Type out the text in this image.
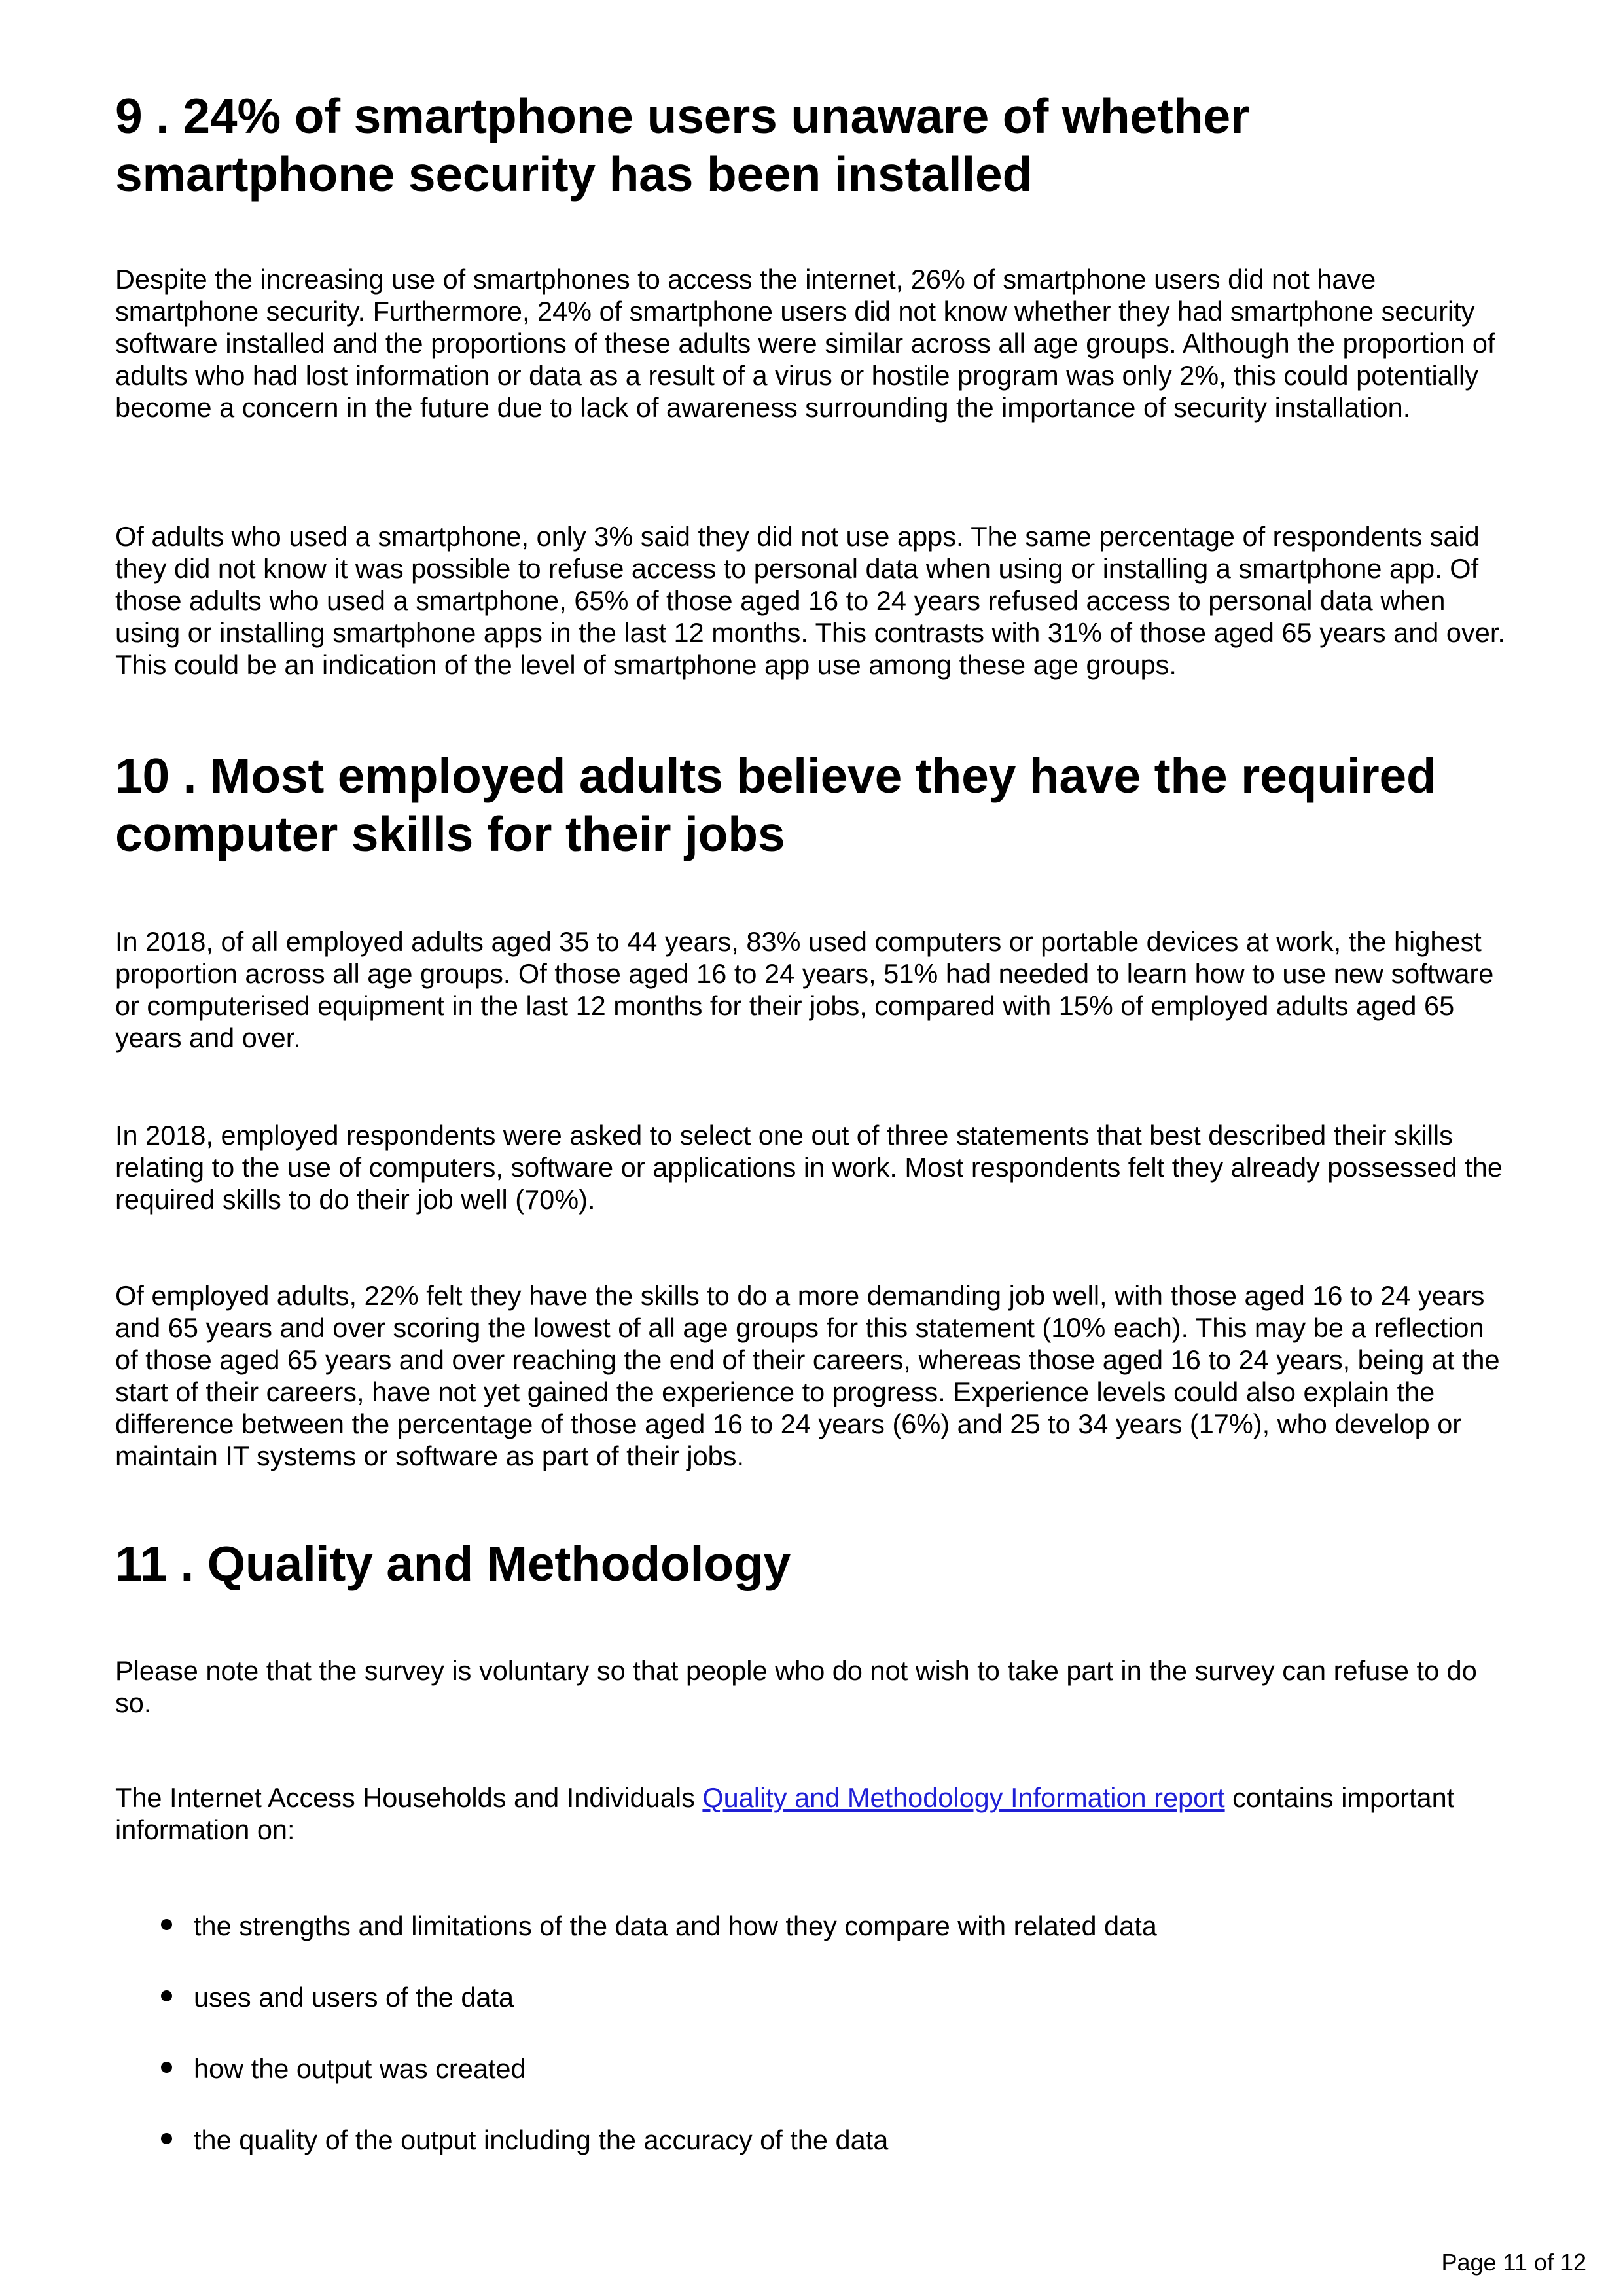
9 . 24% of smartphone users unaware of whether smartphone security has been installed

Despite the increasing use of smartphones to access the internet, 26% of smartphone users did not have smartphone security. Furthermore, 24% of smartphone users did not know whether they had smartphone security software installed and the proportions of these adults were similar across all age groups. Although the proportion of adults who had lost information or data as a result of a virus or hostile program was only 2%, this could potentially become a concern in the future due to lack of awareness surrounding the importance of security installation.

Of adults who used a smartphone, only 3% said they did not use apps. The same percentage of respondents said they did not know it was possible to refuse access to personal data when using or installing a smartphone app. Of those adults who used a smartphone, 65% of those aged 16 to 24 years refused access to personal data when using or installing smartphone apps in the last 12 months. This contrasts with 31% of those aged 65 years and over. This could be an indication of the level of smartphone app use among these age groups.

10 . Most employed adults believe they have the required computer skills for their jobs

In 2018, of all employed adults aged 35 to 44 years, 83% used computers or portable devices at work, the highest proportion across all age groups. Of those aged 16 to 24 years, 51% had needed to learn how to use new software or computerised equipment in the last 12 months for their jobs, compared with 15% of employed adults aged 65 years and over.

In 2018, employed respondents were asked to select one out of three statements that best described their skills relating to the use of computers, software or applications in work. Most respondents felt they already possessed the required skills to do their job well (70%).

Of employed adults, 22% felt they have the skills to do a more demanding job well, with those aged 16 to 24 years and 65 years and over scoring the lowest of all age groups for this statement (10% each). This may be a reflection of those aged 65 years and over reaching the end of their careers, whereas those aged 16 to 24 years, being at the start of their careers, have not yet gained the experience to progress. Experience levels could also explain the difference between the percentage of those aged 16 to 24 years (6%) and 25 to 34 years (17%), who develop or maintain IT systems or software as part of their jobs.

11 . Quality and Methodology

Please note that the survey is voluntary so that people who do not wish to take part in the survey can refuse to do so.

The Internet Access Households and Individuals Quality and Methodology Information report contains important information on:

the strengths and limitations of the data and how they compare with related data
uses and users of the data
how the output was created
the quality of the output including the accuracy of the data
Page 11 of 12
